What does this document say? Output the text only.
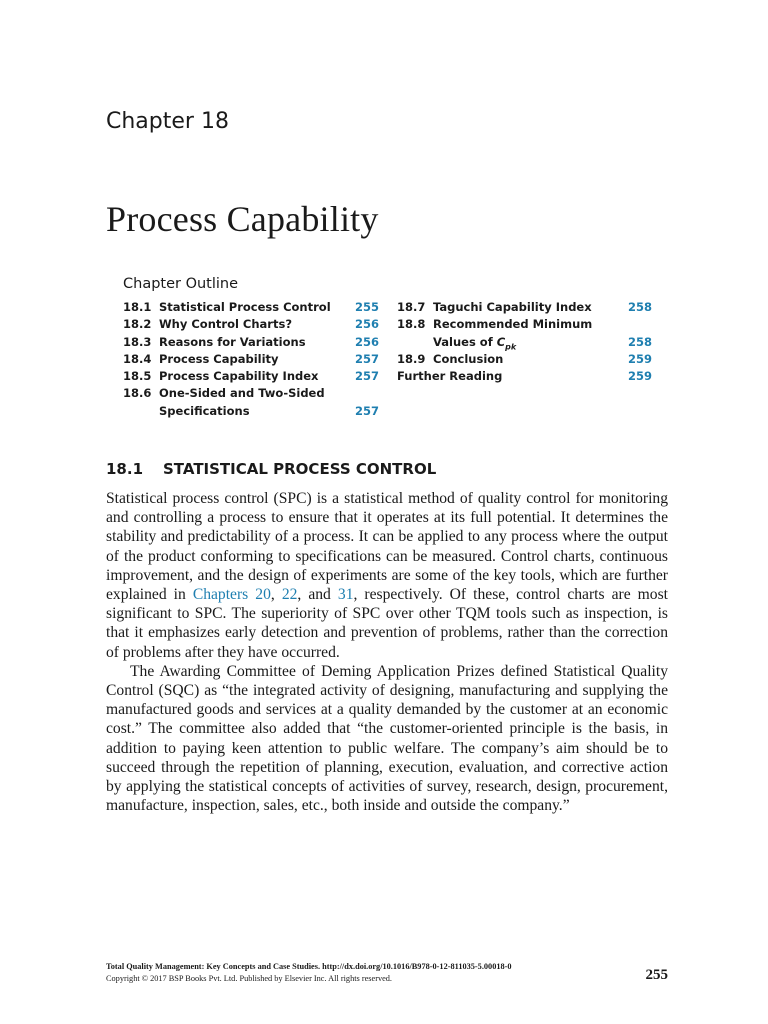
Chapter 18
Process Capability
Chapter Outline
18.1 Statistical Process Control 255
18.2 Why Control Charts?	256
18.3 Reasons for Variations	256
18.4 Process Capability	257
18.5 Process Capability Index	257
18.6 One-Sided and Two-Sided
Specifications	257
18.7 Taguchi Capability Index	258
18.8 Recommended Minimum
Values of $C_{pk}$	258
18.9 Conclusion	259
Further Reading	259
18.1 STATISTICAL PROCESS CONTROL

Statistical process control (SPC) is a statistical method of quality control for monitoring and controlling a process to ensure that it operates at its full potential. It determines the stability and predictability of a process. It can be applied to any process where the output of the product conforming to specifications can be measured. Control charts, continuous improvement, and the design of experiments are some of the key tools, which are further explained in Chapters 20, 22, and 31, respectively. Of these, control charts are most significant to SPC. The superiority of SPC over other TQM tools such as inspection, is that it emphasizes early detection and prevention of problems, rather than the correction of problems after they have occurred.

The Awarding Committee of Deming Application Prizes defined Statistical Quality Control (SQC) as “the integrated activity of designing, manufacturing and supplying the manufactured goods and services at a quality demanded by the customer at an economic cost.” The committee also added that “the customer-oriented principle is the basis, in addition to paying keen attention to public welfare. The company’s aim should be to succeed through the repetition of planning, execution, evaluation, and corrective action by applying the statistical concepts of activities of survey, research, design, procurement, manufacture, inspection, sales, etc., both inside and outside the company.”

Total Quality Management: Key Concepts and Case Studies. http://dx.doi.org/10.1016/B978-0-12-811035-5.00018-0
Copyright © 2017 BSP Books Pvt. Ltd. Published by Elsevier Inc. All rights reserved.	255
